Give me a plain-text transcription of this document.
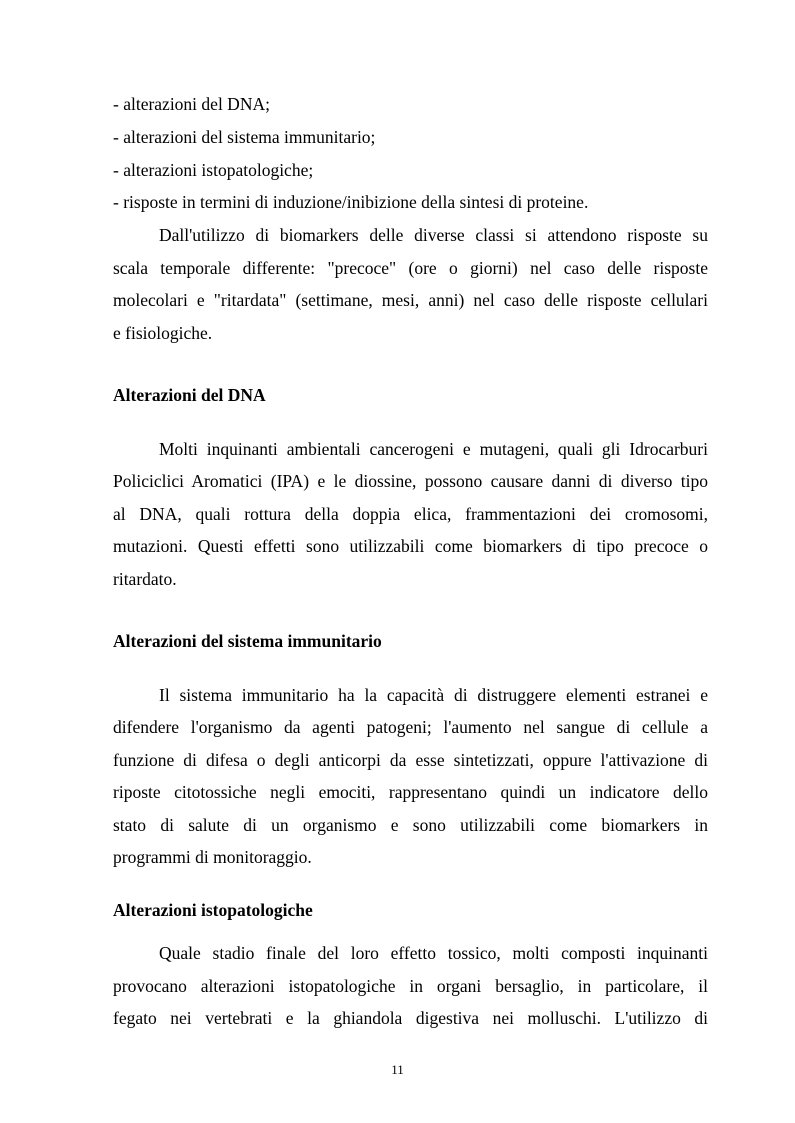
- alterazioni del DNA;
- alterazioni del sistema immunitario;
- alterazioni istopatologiche;
- risposte in termini di induzione/inibizione della sintesi di proteine.
Dall'utilizzo di biomarkers delle diverse classi si attendono risposte su
scala temporale differente: "precoce" (ore o giorni) nel caso delle risposte
molecolari e "ritardata" (settimane, mesi, anni) nel caso delle risposte cellulari
e fisiologiche.
Alterazioni del DNA
Molti inquinanti ambientali cancerogeni e mutageni, quali gli Idrocarburi
Policiclici Aromatici (IPA) e le diossine, possono causare danni di diverso tipo
al DNA, quali rottura della doppia elica, frammentazioni dei cromosomi,
mutazioni. Questi effetti sono utilizzabili come biomarkers di tipo precoce o
ritardato.
Alterazioni del sistema immunitario
Il sistema immunitario ha la capacità di distruggere elementi estranei e
difendere l'organismo da agenti patogeni; l'aumento nel sangue di cellule a
funzione di difesa o degli anticorpi da esse sintetizzati, oppure l'attivazione di
riposte citotossiche negli emociti, rappresentano quindi un indicatore dello
stato di salute di un organismo e sono utilizzabili come biomarkers in
programmi di monitoraggio.
Alterazioni istopatologiche
Quale stadio finale del loro effetto tossico, molti composti inquinanti
provocano alterazioni istopatologiche in organi bersaglio, in particolare, il
fegato nei vertebrati e la ghiandola digestiva nei molluschi. L'utilizzo di
11
